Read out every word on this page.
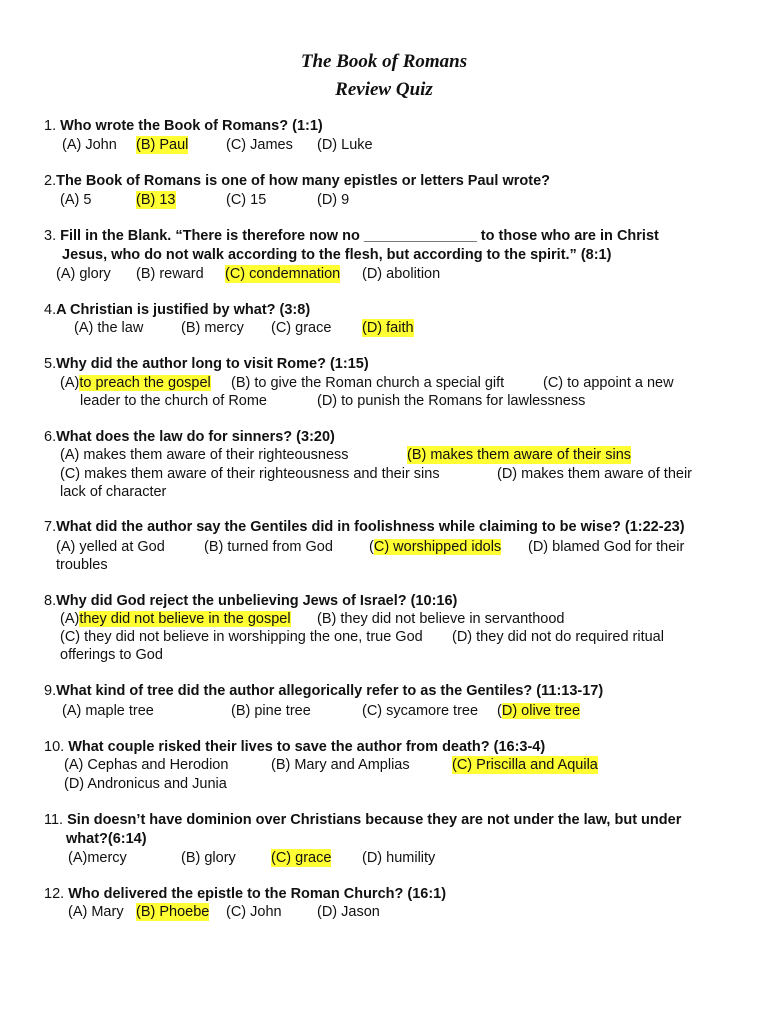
The Book of Romans
Review Quiz
1. Who wrote the Book of Romans? (1:1)
(A) John (B) Paul	(C) James (D) Luke
2.The Book of Romans is one of how many epistles or letters Paul wrote?
(A) 5	(B) 13	(C) 15	(D) 9
3. Fill in the Blank. “There is therefore now no ______________ to those who are in Christ
Jesus, who do not walk according to the flesh, but according to the spirit.” (8:1)
(A) glory (B) reward (C) condemnation (D) abolition
4.A Christian is justified by what? (3:8)
(A) the law	(B) mercy (C) grace (D) faith
5.Why did the author long to visit Rome? (1:15)
(A)to preach the gospel (B) to give the Roman church a special gift	(C) to appoint a new
leader to the church of Rome	(D) to punish the Romans for lawlessness
6.What does the law do for sinners? (3:20)
(A) makes them aware of their righteousness	(B) makes them aware of their sins
(C) makes them aware of their righteousness and their sins	(D) makes them aware of their
lack of character
7.What did the author say the Gentiles did in foolishness while claiming to be wise? (1:22-23)
(A) yelled at God	(B) turned from God (C) worshipped idols (D) blamed God for their
troubles
8.Why did God reject the unbelieving Jews of Israel? (10:16)
(A)they did not believe in the gospel (B) they did not believe in servanthood
(C) they did not believe in worshipping the one, true God (D) they did not do required ritual
offerings to God
9.What kind of tree did the author allegorically refer to as the Gentiles? (11:13-17)
(A) maple tree	(B) pine tree	(C) sycamore tree (D) olive tree
10. What couple risked their lives to save the author from death? (16:3-4)
(A) Cephas and Herodion	(B) Mary and Amplias	(C) Priscilla and Aquila
(D) Andronicus and Junia
11. Sin doesn’t have dominion over Christians because they are not under the law, but under
what?(6:14)
(A)mercy	(B) glory (C) grace (D) humility
12. Who delivered the epistle to the Roman Church? (16:1)
(A) Mary (B) Phoebe (C) John (D) Jason
